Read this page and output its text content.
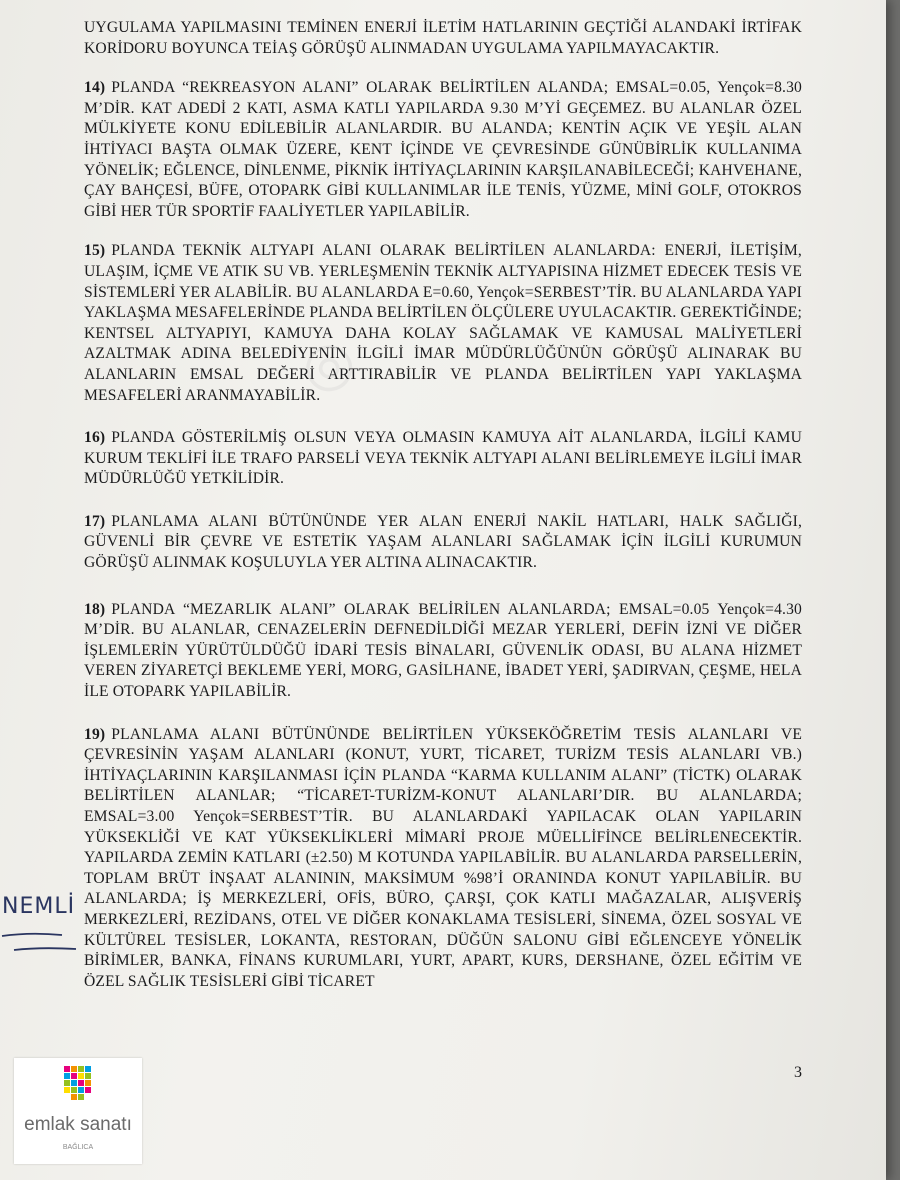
UYGULAMA YAPILMASINI TEMİNEN ENERJİ İLETİM HATLARININ GEÇTİĞİ ALANDAKİ İRTİFAK KORİDORU BOYUNCA TEİAŞ GÖRÜŞÜ ALINMADAN UYGULAMA YAPILMAYACAKTIR.

14) PLANDA “REKREASYON ALANI” OLARAK BELİRTİLEN ALANDA; EMSAL=0.05, Yençok=8.30 M’DİR. KAT ADEDİ 2 KATI, ASMA KATLI YAPILARDA 9.30 M’Yİ GEÇEMEZ. BU ALANLAR ÖZEL MÜLKİYETE KONU EDİLEBİLİR ALANLARDIR. BU ALANDA; KENTİN AÇIK VE YEŞİL ALAN İHTİYACI BAŞTA OLMAK ÜZERE, KENT İÇİNDE VE ÇEVRESİNDE GÜNÜBİRLİK KULLANIMA YÖNELİK; EĞLENCE, DİNLENME, PİKNİK İHTİYAÇLARININ KARŞILANABİLECEĞİ; KAHVEHANE, ÇAY BAHÇESİ, BÜFE, OTOPARK GİBİ KULLANIMLAR İLE TENİS, YÜZME, MİNİ GOLF, OTOKROS GİBİ HER TÜR SPORTİF FAALİYETLER YAPILABİLİR.

15) PLANDA TEKNİK ALTYAPI ALANI OLARAK BELİRTİLEN ALANLARDA: ENERJİ, İLETİŞİM, ULAŞIM, İÇME VE ATIK SU VB. YERLEŞMENİN TEKNİK ALTYAPISINA HİZMET EDECEK TESİS VE SİSTEMLERİ YER ALABİLİR. BU ALANLARDA E=0.60, Yençok=SERBEST’TİR. BU ALANLARDA YAPI YAKLAŞMA MESAFELERİNDE PLANDA BELİRTİLEN ÖLÇÜLERE UYULACAKTIR. GEREKTİĞİNDE; KENTSEL ALTYAPIYI, KAMUYA DAHA KOLAY SAĞLAMAK VE KAMUSAL MALİYETLERİ AZALTMAK ADINA BELEDİYENİN İLGİLİ İMAR MÜDÜRLÜĞÜNÜN GÖRÜŞÜ ALINARAK BU ALANLARIN EMSAL DEĞERİ ARTTIRABİLİR VE PLANDA BELİRTİLEN YAPI YAKLAŞMA MESAFELERİ ARANMAYABİLİR.

16) PLANDA GÖSTERİLMİŞ OLSUN VEYA OLMASIN KAMUYA AİT ALANLARDA, İLGİLİ KAMU KURUM TEKLİFİ İLE TRAFO PARSELİ VEYA TEKNİK ALTYAPI ALANI BELİRLEMEYE İLGİLİ İMAR MÜDÜRLÜĞÜ YETKİLİDİR.

17) PLANLAMA ALANI BÜTÜNÜNDE YER ALAN ENERJİ NAKİL HATLARI, HALK SAĞLIĞI, GÜVENLİ BİR ÇEVRE VE ESTETİK YAŞAM ALANLARI SAĞLAMAK İÇİN İLGİLİ KURUMUN GÖRÜŞÜ ALINMAK KOŞULUYLA YER ALTINA ALINACAKTIR.

18) PLANDA “MEZARLIK ALANI” OLARAK BELİRİLEN ALANLARDA; EMSAL=0.05 Yençok=4.30 M’DİR. BU ALANLAR, CENAZELERİN DEFNEDİLDİĞİ MEZAR YERLERİ, DEFİN İZNİ VE DİĞER İŞLEMLERİN YÜRÜTÜLDÜĞÜ İDARİ TESİS BİNALARI, GÜVENLİK ODASI, BU ALANA HİZMET VEREN ZİYARETÇİ BEKLEME YERİ, MORG, GASİLHANE, İBADET YERİ, ŞADIRVAN, ÇEŞME, HELA İLE OTOPARK YAPILABİLİR.

19) PLANLAMA ALANI BÜTÜNÜNDE BELİRTİLEN YÜKSEKÖĞRETİM TESİS ALANLARI VE ÇEVRESİNİN YAŞAM ALANLARI (KONUT, YURT, TİCARET, TURİZM TESİS ALANLARI VB.) İHTİYAÇLARININ KARŞILANMASI İÇİN PLANDA “KARMA KULLANIM ALANI” (TİCTK) OLARAK BELİRTİLEN ALANLAR; “TİCARET-TURİZM-KONUT ALANLARI’DIR. BU ALANLARDA; EMSAL=3.00 Yençok=SERBEST’TİR. BU ALANLARDAKİ YAPILACAK OLAN YAPILARIN YÜKSEKLİĞİ VE KAT YÜKSEKLİKLERİ MİMARİ PROJE MÜELLİFİNCE BELİRLENECEKTİR. YAPILARDA ZEMİN KATLARI (±2.50) M KOTUNDA YAPILABİLİR. BU ALANLARDA PARSELLERİN, TOPLAM BRÜT İNŞAAT ALANININ, MAKSİMUM %98’İ ORANINDA KONUT YAPILABİLİR. BU ALANLARDA; İŞ MERKEZLERİ, OFİS, BÜRO, ÇARŞI, ÇOK KATLI MAĞAZALAR, ALIŞVERİŞ MERKEZLERİ, REZİDANS, OTEL VE DİĞER KONAKLAMA TESİSLERİ, SİNEMA, ÖZEL SOSYAL VE KÜLTÜREL TESİSLER, LOKANTA, RESTORAN, DÜĞÜN SALONU GİBİ EĞLENCEYE YÖNELİK BİRİMLER, BANKA, FİNANS KURUMLARI, YURT, APART, KURS, DERSHANE, ÖZEL EĞİTİM VE ÖZEL SAĞLIK TESİSLERİ GİBİ TİCARET

3
NEMLİ
◎
emlak sanatı
BAĞLICA
